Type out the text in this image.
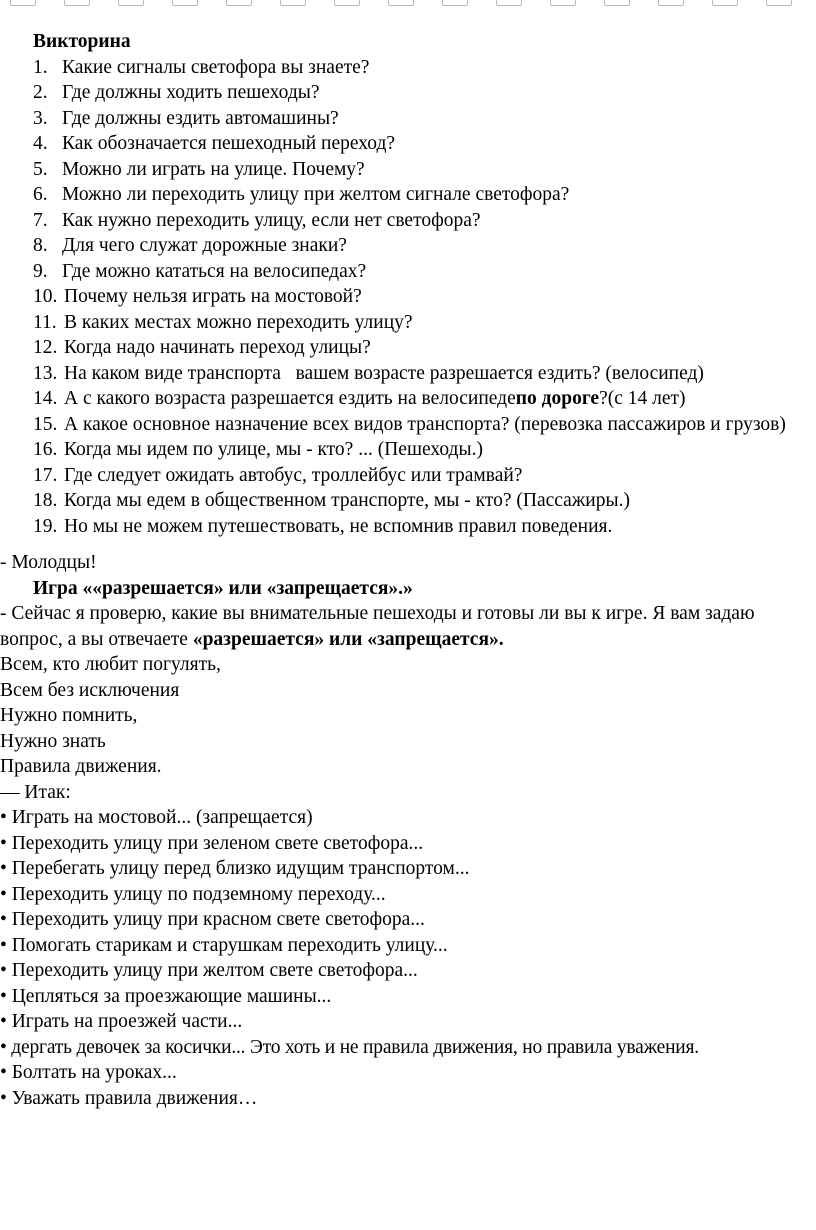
Викторина
1. Какие сигналы светофора вы знаете?
2. Где должны ходить пешеходы?
3. Где должны ездить автомашины?
4. Как обозначается пешеходный переход?
5. Можно ли играть на улице. Почему?
6. Можно ли переходить улицу при желтом сигнале светофора?
7. Как нужно переходить улицу, если нет светофора?
8. Для чего служат дорожные знаки?
9. Где можно кататься на велосипедах?
10. Почему нельзя играть на мостовой?
11. В каких местах можно переходить улицу?
12. Когда надо начинать переход улицы?
13. На каком виде транспорта   вашем возрасте разрешается ездить? (велосипед)
14. А с какого возраста разрешается ездить на велосипедепо дороге?(с 14 лет)
15. А какое основное назначение всех видов транспорта? (перевозка пассажиров и грузов)
16. Когда мы идем по улице, мы - кто? ... (Пешеходы.)
17. Где следует ожидать автобус, троллейбус или трамвай?
18. Когда мы едем в общественном транспорте, мы - кто? (Пассажиры.)
19. Но мы не можем путешествовать, не вспомнив правил поведения.
- Молодцы!
Игра ««разрешается» или «запрещается».»
- Сейчас я проверю, какие вы внимательные пешеходы и готовы ли вы к игре. Я вам задаю вопрос, а вы отвечаете «разрешается» или «запрещается».
Всем, кто любит погулять,
Всем без исключения
Нужно помнить,
Нужно знать
Правила движения.
— Итак:
• Играть на мостовой... (запрещается)
• Переходить улицу при зеленом свете светофора...
• Перебегать улицу перед близко идущим транспортом...
• Переходить улицу по подземному переходу...
• Переходить улицу при красном свете светофора...
• Помогать старикам и старушкам переходить улицу...
• Переходить улицу при желтом свете светофора...
• Цепляться за проезжающие машины...
• Играть на проезжей части...
• дергать девочек за косички... Это хоть и не правила движения, но правила уважения.
• Болтать на уроках...
• Уважать правила движения…
